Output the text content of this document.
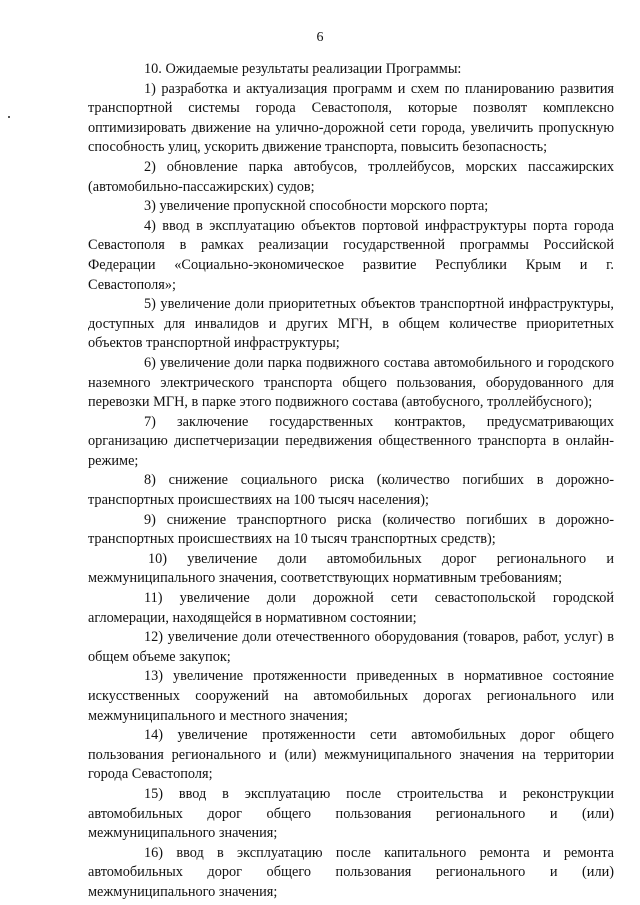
6

10. Ожидаемые результаты реализации Программы:

1) разработка и актуализация программ и схем по планированию развития транспортной системы города Севастополя, которые позволят комплексно оптимизировать движение на улично-дорожной сети города, увеличить пропускную способность улиц, ускорить движение транспорта, повысить безопасность;

2) обновление парка автобусов, троллейбусов, морских пассажирских (автомобильно-пассажирских) судов;

3) увеличение пропускной способности морского порта;

4) ввод в эксплуатацию объектов портовой инфраструктуры порта города Севастополя в рамках реализации государственной программы Российской Федерации «Социально-экономическое развитие Республики Крым и г. Севастополя»;

5) увеличение доли приоритетных объектов транспортной инфраструктуры, доступных для инвалидов и других МГН, в общем количестве приоритетных объектов транспортной инфраструктуры;

6) увеличение доли парка подвижного состава автомобильного и городского наземного электрического транспорта общего пользования, оборудованного для перевозки МГН, в парке этого подвижного состава (автобусного, троллейбусного);

7) заключение государственных контрактов, предусматривающих организацию диспетчеризации передвижения общественного транспорта в онлайн-режиме;

8) снижение социального риска (количество погибших в дорожно-транспортных происшествиях на 100 тысяч населения);

9) снижение транспортного риска (количество погибших в дорожно-транспортных происшествиях на 10 тысяч транспортных средств);

10) увеличение доли автомобильных дорог регионального и межмуниципального значения, соответствующих нормативным требованиям;

11) увеличение доли дорожной сети севастопольской городской агломерации, находящейся в нормативном состоянии;

12) увеличение доли отечественного оборудования (товаров, работ, услуг) в общем объеме закупок;

13) увеличение протяженности приведенных в нормативное состояние искусственных сооружений на автомобильных дорогах регионального или межмуниципального и местного значения;

14) увеличение протяженности сети автомобильных дорог общего пользования регионального и (или) межмуниципального значения на территории города Севастополя;

15) ввод в эксплуатацию после строительства и реконструкции автомобильных дорог общего пользования регионального и (или) межмуниципального значения;

16) ввод в эксплуатацию после капитального ремонта и ремонта автомобильных дорог общего пользования регионального и (или) межмуниципального значения;
